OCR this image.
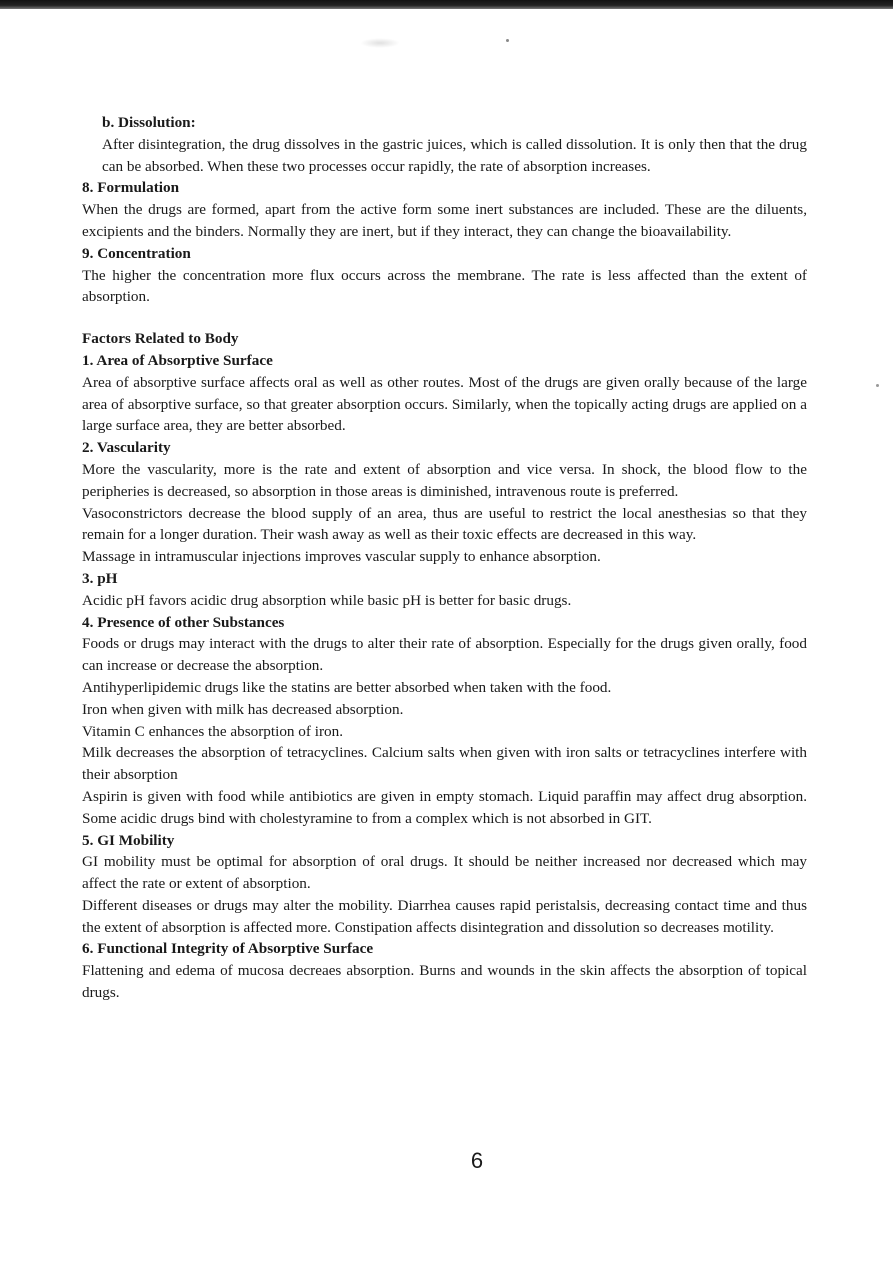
b. Dissolution:

After disintegration, the drug dissolves in the gastric juices, which is called dissolution. It is only then that the drug can be absorbed. When these two processes occur rapidly, the rate of absorption increases.

8. Formulation

When the drugs are formed, apart from the active form some inert substances are included. These are the diluents, excipients and the binders. Normally they are inert, but if they interact, they can change the bioavailability.

9. Concentration

The higher the concentration more flux occurs across the membrane. The rate is less affected than the extent of absorption.

Factors Related to Body

1. Area of Absorptive Surface

Area of absorptive surface affects oral as well as other routes. Most of the drugs are given orally because of the large area of absorptive surface, so that greater absorption occurs. Similarly, when the topically acting drugs are applied on a large surface area, they are better absorbed.

2. Vascularity

More the vascularity, more is the rate and extent of absorption and vice versa. In shock, the blood flow to the peripheries is decreased, so absorption in those areas is diminished, intravenous route is preferred.

Vasoconstrictors decrease the blood supply of an area, thus are useful to restrict the local anesthesias so that they remain for a longer duration. Their wash away as well as their toxic effects are decreased in this way.

Massage in intramuscular injections improves vascular supply to enhance absorption.

3. pH

Acidic pH favors acidic drug absorption while basic pH is better for basic drugs.

4. Presence of other Substances

Foods or drugs may interact with the drugs to alter their rate of absorption. Especially for the drugs given orally, food can increase or decrease the absorption.

Antihyperlipidemic drugs like the statins are better absorbed when taken with the food.

Iron when given with milk has decreased absorption.

Vitamin C enhances the absorption of iron.

Milk decreases the absorption of tetracyclines. Calcium salts when given with iron salts or tetracyclines interfere with their absorption

Aspirin is given with food while antibiotics are given in empty stomach. Liquid paraffin may affect drug absorption. Some acidic drugs bind with cholestyramine to from a complex which is not absorbed in GIT.

5. GI Mobility

GI mobility must be optimal for absorption of oral drugs. It should be neither increased nor decreased which may affect the rate or extent of absorption.

Different diseases or drugs may alter the mobility. Diarrhea causes rapid peristalsis, decreasing contact time and thus the extent of absorption is affected more. Constipation affects disintegration and dissolution so decreases motility.

6. Functional Integrity of Absorptive Surface

Flattening and edema of mucosa decreaes absorption. Burns and wounds in the skin affects the absorption of topical drugs.

6
